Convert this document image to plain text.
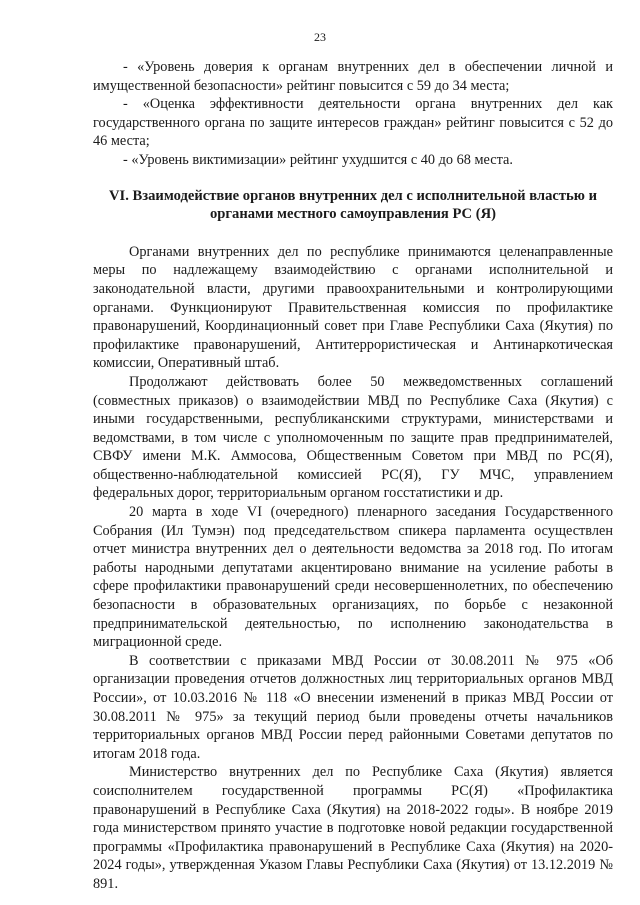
23

- «Уровень доверия к органам внутренних дел в обеспечении личной и имущественной безопасности» рейтинг повысится с 59 до 34 места;

- «Оценка эффективности деятельности органа внутренних дел как государственного органа по защите интересов граждан» рейтинг повысится с 52 до 46 места;

- «Уровень виктимизации» рейтинг ухудшится с 40 до 68 места.

VI. Взаимодействие органов внутренних дел с исполнительной властью и органами местного самоуправления РС (Я)

Органами внутренних дел по республике принимаются целенаправленные меры по надлежащему взаимодействию с органами исполнительной и законодательной власти, другими правоохранительными и контролирующими органами. Функционируют Правительственная комиссия по профилактике правонарушений, Координационный совет при Главе Республики Саха (Якутия) по профилактике правонарушений, Антитеррористическая и Антинаркотическая комиссии, Оперативный штаб.

Продолжают действовать более 50 межведомственных соглашений (совместных приказов) о взаимодействии МВД по Республике Саха (Якутия) с иными государственными, республиканскими структурами, министерствами и ведомствами, в том числе с уполномоченным по защите прав предпринимателей, СВФУ имени М.К. Аммосова, Общественным Советом при МВД по РС(Я), общественно-наблюдательной комиссией РС(Я), ГУ МЧС, управлением федеральных дорог, территориальным органом госстатистики и др.

20 марта в ходе VI (очередного) пленарного заседания Государственного Собрания (Ил Тумэн) под председательством спикера парламента осуществлен отчет министра внутренних дел о деятельности ведомства за 2018 год. По итогам работы народными депутатами акцентировано внимание на усиление работы в сфере профилактики правонарушений среди несовершеннолетних, по обеспечению безопасности в образовательных организациях, по борьбе с незаконной предпринимательской деятельностью, по исполнению законодательства в миграционной среде.

В соответствии с приказами МВД России от 30.08.2011 № 975 «Об организации проведения отчетов должностных лиц территориальных органов МВД России», от 10.03.2016 № 118 «О внесении изменений в приказ МВД России от 30.08.2011 № 975» за текущий период были проведены отчеты начальников территориальных органов МВД России перед районными Советами депутатов по итогам 2018 года.

Министерство внутренних дел по Республике Саха (Якутия) является соисполнителем государственной программы РС(Я) «Профилактика правонарушений в Республике Саха (Якутия) на 2018-2022 годы». В ноябре 2019 года министерством принято участие в подготовке новой редакции государственной программы «Профилактика правонарушений в Республике Саха (Якутия) на 2020-2024 годы», утвержденная Указом Главы Республики Саха (Якутия) от 13.12.2019 № 891.
